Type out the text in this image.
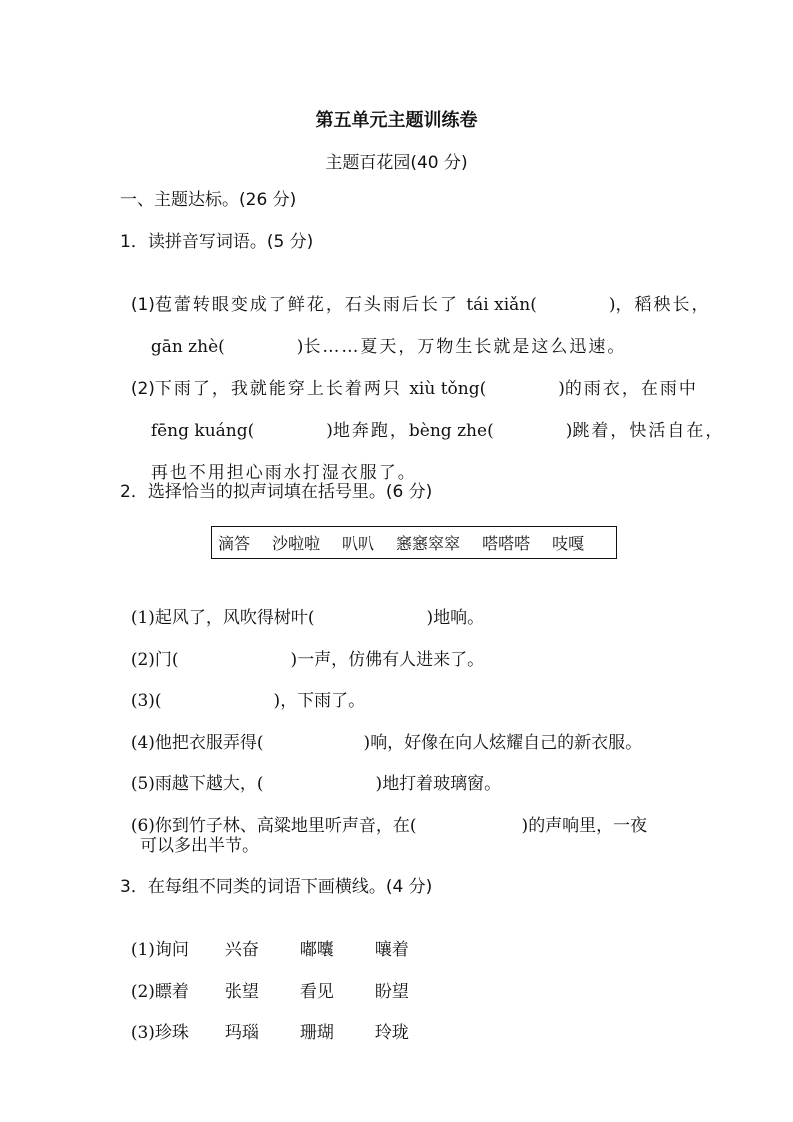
第五单元主题训练卷
主题百花园(40 分)
一、主题达标。(26 分)
1．读拼音写词语。(5 分)

(1)苞蕾转眼变成了鲜花，石头雨后长了 tái xiǎn(	)，稻秧长，

gān zhè(	)长……夏天，万物生长就是这么迅速。

(2)下雨了，我就能穿上长着两只 xiù tǒng(	)的雨衣，在雨中

fēng kuáng(	)地奔跑，bèng zhe(	)跳着，快活自在，

再也不用担心雨水打湿衣服了。

2．选择恰当的拟声词填在括号里。(6 分)
滴答 沙啦啦 叭叭 窸窸窣窣 嗒嗒嗒 吱嘎

(1)起风了，风吹得树叶(	)地响。

(2)门(	)一声，仿佛有人进来了。

(3)(	)，下雨了。

(4)他把衣服弄得(	)响，好像在向人炫耀自己的新衣服。

(5)雨越下越大，(	)地打着玻璃窗。

(6)你到竹子林、高粱地里听声音，在(	)的声响里，一夜

可以多出半节。
3．在每组不同类的词语下画横线。(4 分)

(1)询问 兴奋 嘟囔 嚷着

(2)瞟着 张望 看见 盼望

(3)珍珠 玛瑙 珊瑚 玲珑
